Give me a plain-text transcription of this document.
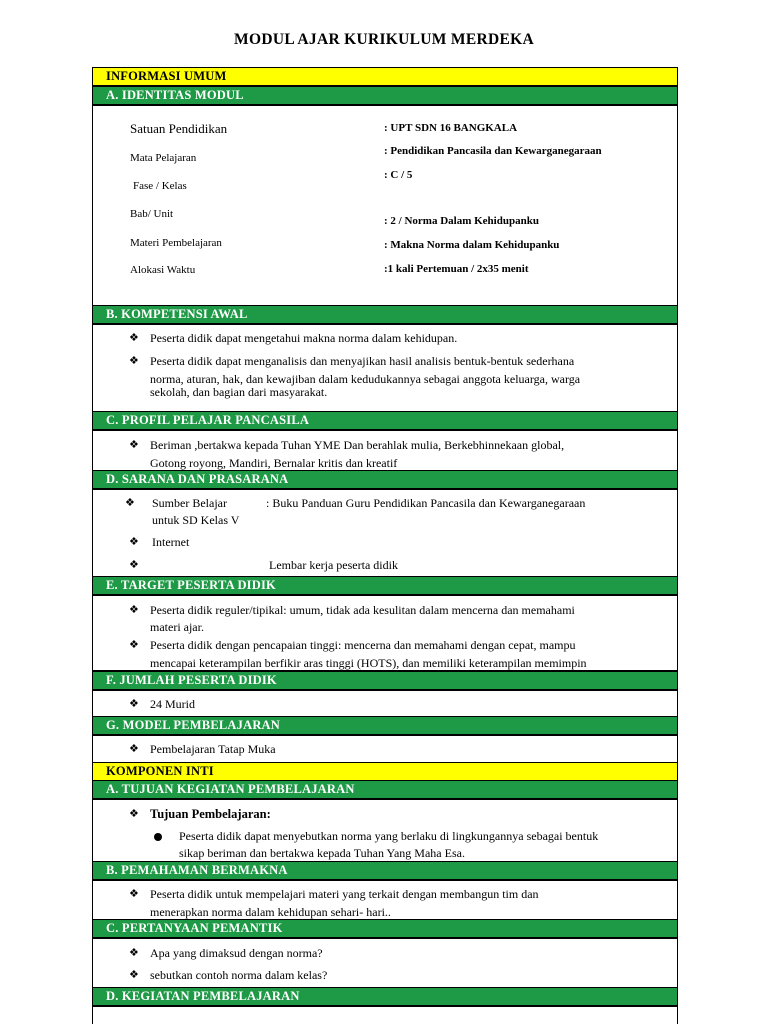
MODUL AJAR KURIKULUM MERDEKA
INFORMASI UMUM
A. IDENTITAS MODUL
Satuan Pendidikan
Mata Pelajaran
Fase / Kelas
Bab/ Unit
Materi Pembelajaran
Alokasi Waktu
: UPT SDN 16 BANGKALA
: Pendidikan Pancasila dan Kewarganegaraan
: C / 5
: 2 / Norma Dalam Kehidupanku
: Makna Norma dalam Kehidupanku
:1 kali Pertemuan / 2x35 menit
B. KOMPETENSI AWAL
❖ Peserta didik dapat mengetahui makna norma dalam kehidupan.
❖ Peserta didik dapat menganalisis dan menyajikan hasil analisis bentuk-bentuk sederhana
norma, aturan, hak, dan kewajiban dalam kedudukannya sebagai anggota keluarga, warga
sekolah, dan bagian dari masyarakat.
C. PROFIL PELAJAR PANCASILA
❖ Beriman ,bertakwa kepada Tuhan YME Dan berahlak mulia, Berkebhinnekaan global,
Gotong royong, Mandiri, Bernalar kritis dan kreatif
D. SARANA DAN PRASARANA
❖ Sumber Belajar	: Buku Panduan Guru Pendidikan Pancasila dan Kewarganegaraan
untuk SD Kelas V
❖ Internet
❖	Lembar kerja peserta didik
E. TARGET PESERTA DIDIK
❖ Peserta didik reguler/tipikal: umum, tidak ada kesulitan dalam mencerna dan memahami
materi ajar.
❖ Peserta didik dengan pencapaian tinggi: mencerna dan memahami dengan cepat, mampu
mencapai keterampilan berfikir aras tinggi (HOTS), dan memiliki keterampilan memimpin
F. JUMLAH PESERTA DIDIK
❖ 24 Murid
G. MODEL PEMBELAJARAN
❖ Pembelajaran Tatap Muka
KOMPONEN INTI
A. TUJUAN KEGIATAN PEMBELAJARAN
❖ Tujuan Pembelajaran:
Peserta didik dapat menyebutkan norma yang berlaku di lingkungannya sebagai bentuk
sikap beriman dan bertakwa kepada Tuhan Yang Maha Esa.
B. PEMAHAMAN BERMAKNA
❖ Peserta didik untuk mempelajari materi yang terkait dengan membangun tim dan
menerapkan norma dalam kehidupan sehari- hari..
C. PERTANYAAN PEMANTIK
❖ Apa yang dimaksud dengan norma?
❖ sebutkan contoh norma dalam kelas?
D. KEGIATAN PEMBELAJARAN
